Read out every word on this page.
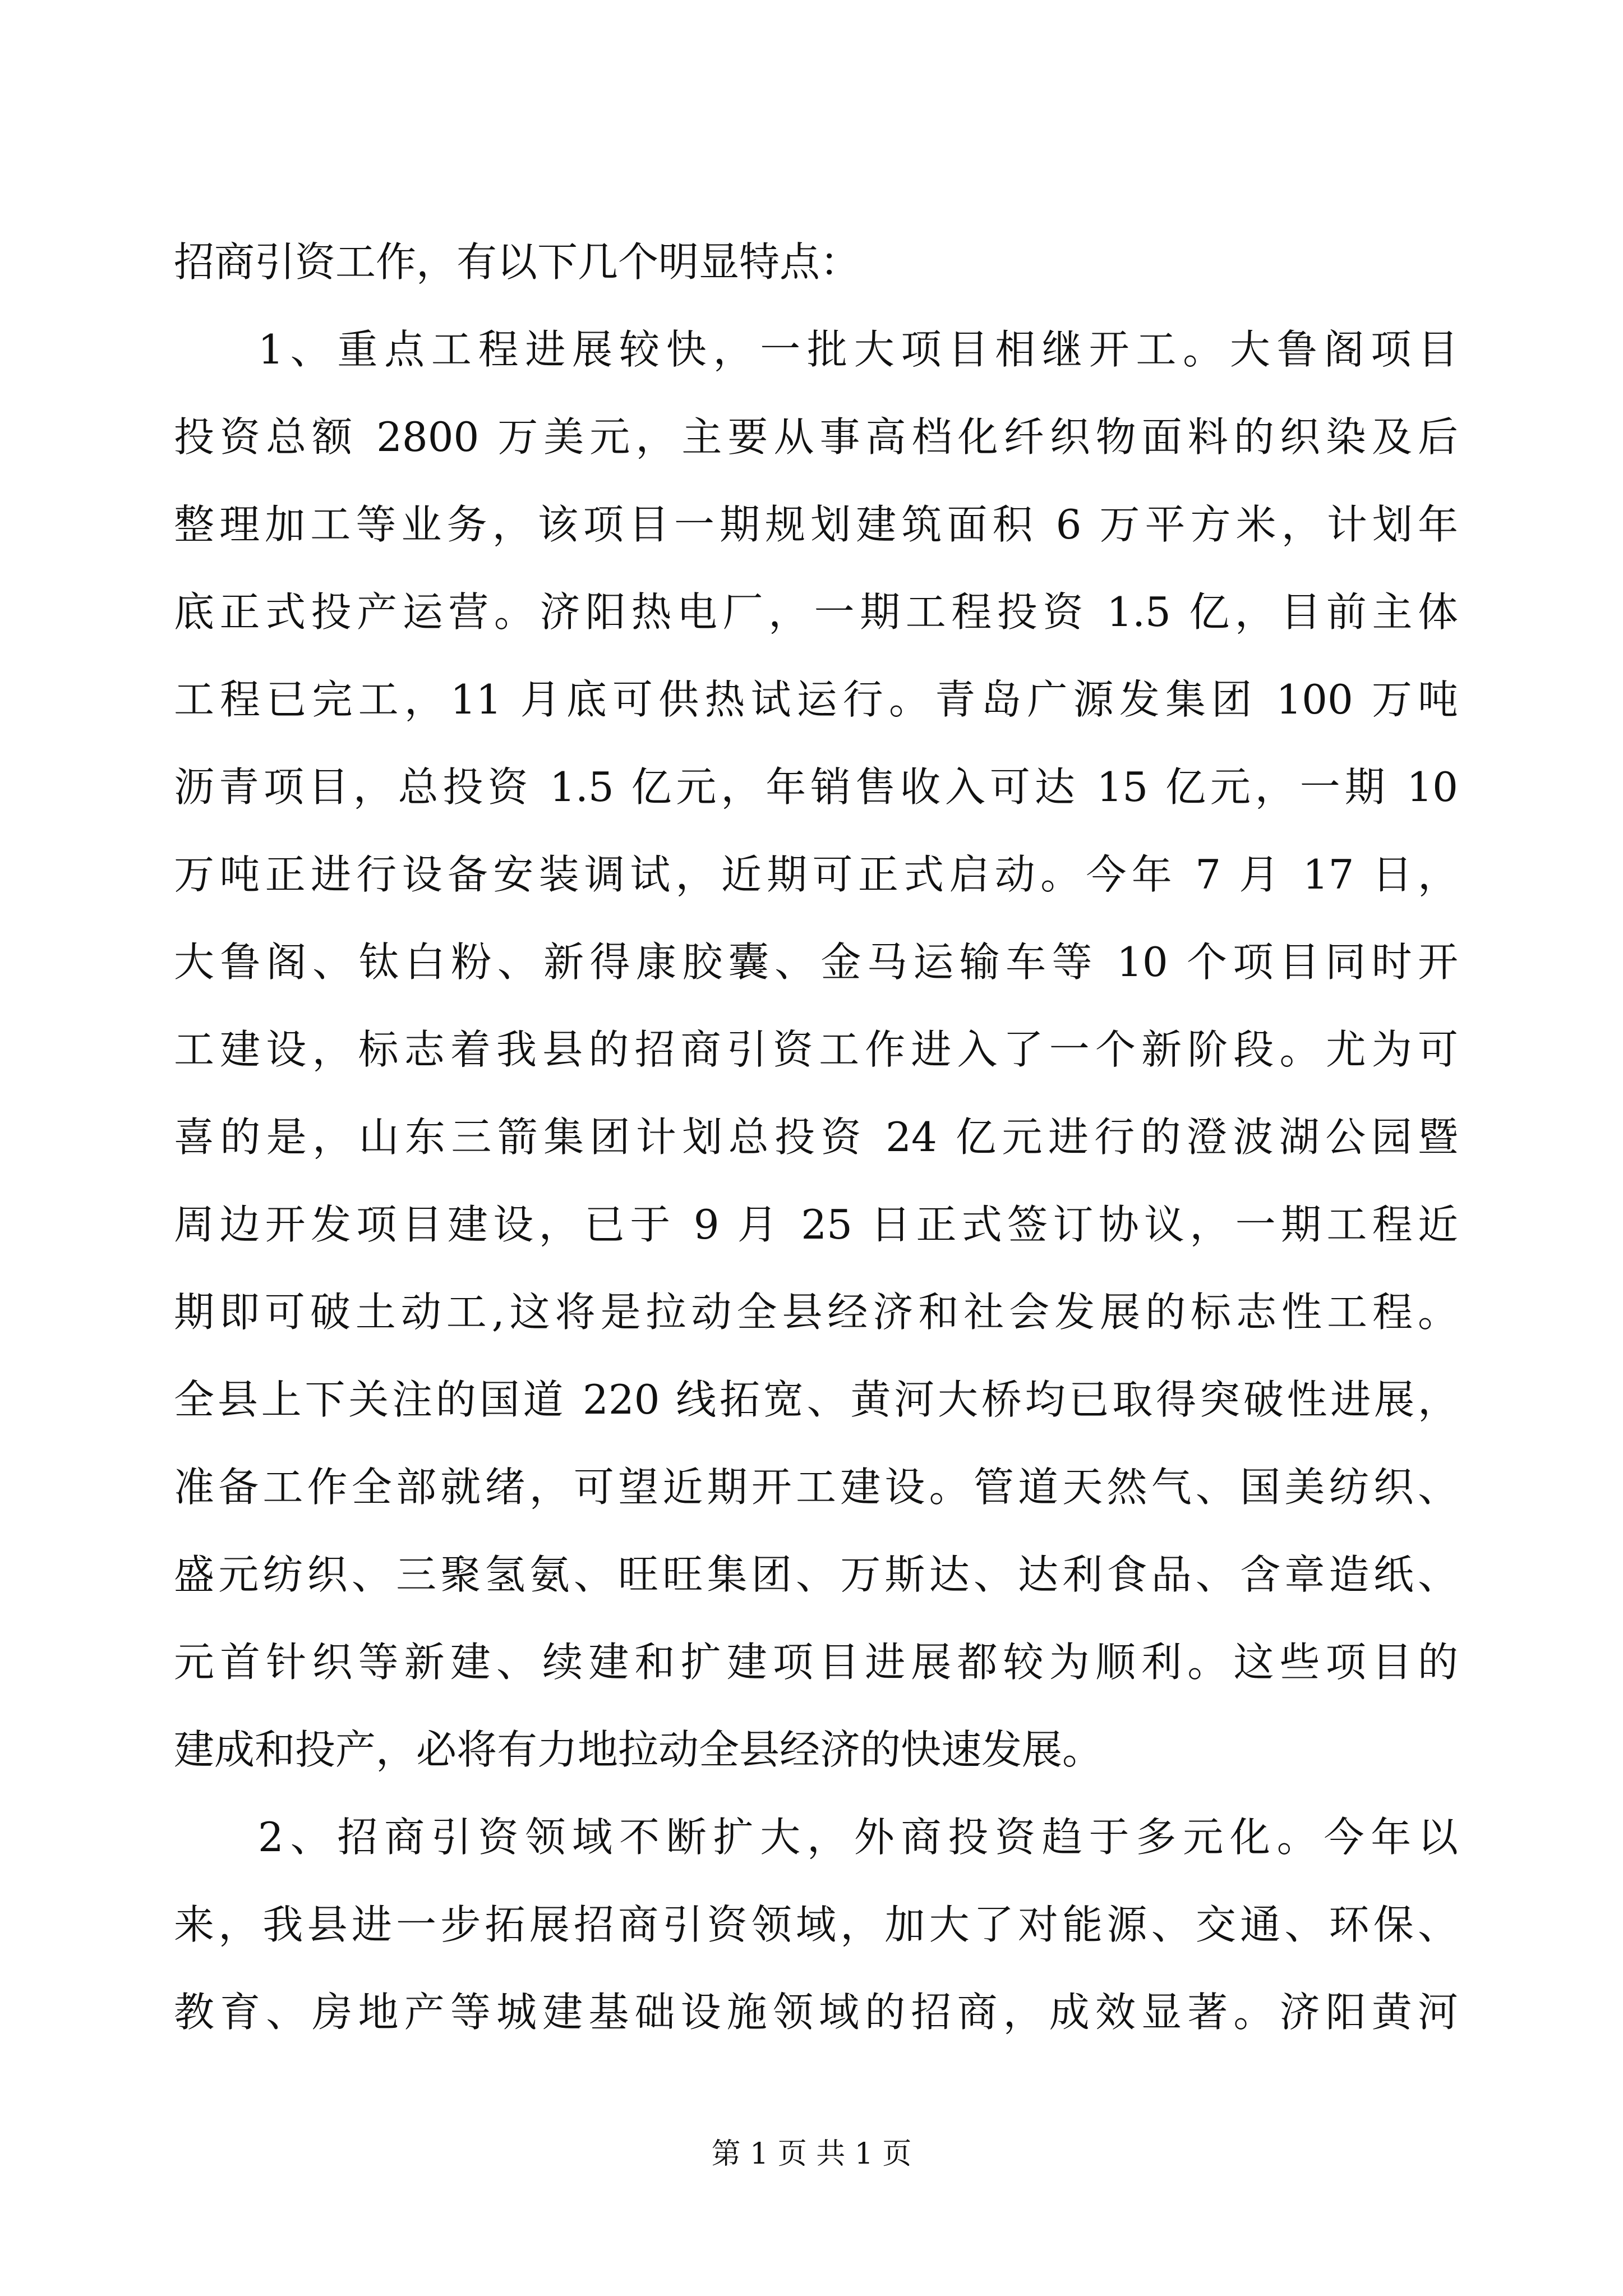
招商引资工作，有以下几个明显特点：
1、重点工程进展较快，一批大项目相继开工。大鲁阁项目
投资总额 2800 万美元，主要从事高档化纤织物面料的织染及后
整理加工等业务，该项目一期规划建筑面积 6 万平方米，计划年
底正式投产运营。济阳热电厂，一期工程投资 1.5 亿，目前主体
工程已完工，11 月底可供热试运行。青岛广源发集团 100 万吨
沥青项目，总投资 1.5 亿元，年销售收入可达 15 亿元，一期 10
万吨正进行设备安装调试，近期可正式启动。今年 7 月 17 日，
大鲁阁、钛白粉、新得康胶囊、金马运输车等 10 个项目同时开
工建设，标志着我县的招商引资工作进入了一个新阶段。尤为可
喜的是，山东三箭集团计划总投资 24 亿元进行的澄波湖公园暨
周边开发项目建设，已于 9 月 25 日正式签订协议，一期工程近
期即可破土动工,这将是拉动全县经济和社会发展的标志性工程。
全县上下关注的国道 220 线拓宽、黄河大桥均已取得突破性进展，
准备工作全部就绪，可望近期开工建设。管道天然气、国美纺织、
盛元纺织、三聚氢氨、旺旺集团、万斯达、达利食品、含章造纸、
元首针织等新建、续建和扩建项目进展都较为顺利。这些项目的
建成和投产，必将有力地拉动全县经济的快速发展。
2、招商引资领域不断扩大，外商投资趋于多元化。今年以
来，我县进一步拓展招商引资领域，加大了对能源、交通、环保、
教育、房地产等城建基础设施领域的招商，成效显著。济阳黄河
第 1 页 共 1 页
